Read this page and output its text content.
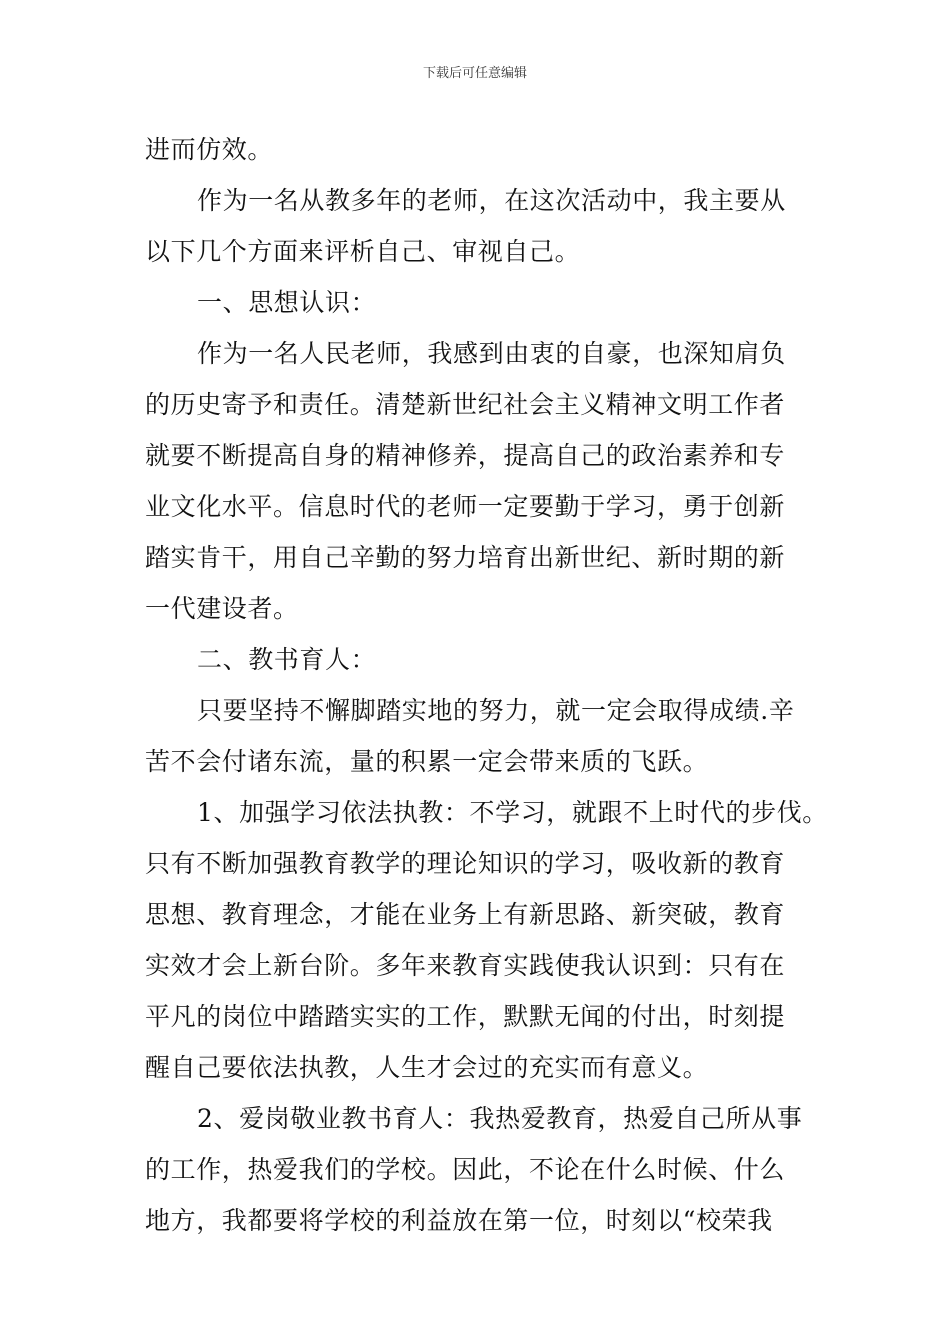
下载后可任意编辑
进而仿效。
作为一名从教多年的老师，在这次活动中，我主要从
以下几个方面来评析自己、审视自己。
一、思想认识：
作为一名人民老师，我感到由衷的自豪，也深知肩负
的历史寄予和责任。清楚新世纪社会主义精神文明工作者
就要不断提高自身的精神修养，提高自己的政治素养和专
业文化水平。信息时代的老师一定要勤于学习，勇于创新
踏实肯干，用自己辛勤的努力培育出新世纪、新时期的新
一代建设者。
二、教书育人：
只要坚持不懈脚踏实地的努力，就一定会取得成绩.辛
苦不会付诸东流，量的积累一定会带来质的飞跃。
1、加强学习依法执教：不学习，就跟不上时代的步伐。
只有不断加强教育教学的理论知识的学习，吸收新的教育
思想、教育理念，才能在业务上有新思路、新突破，教育
实效才会上新台阶。多年来教育实践使我认识到：只有在
平凡的岗位中踏踏实实的工作，默默无闻的付出，时刻提
醒自己要依法执教，人生才会过的充实而有意义。
2、爱岗敬业教书育人：我热爱教育，热爱自己所从事
的工作，热爱我们的学校。因此，不论在什么时候、什么
地方，我都要将学校的利益放在第一位，时刻以“校荣我
